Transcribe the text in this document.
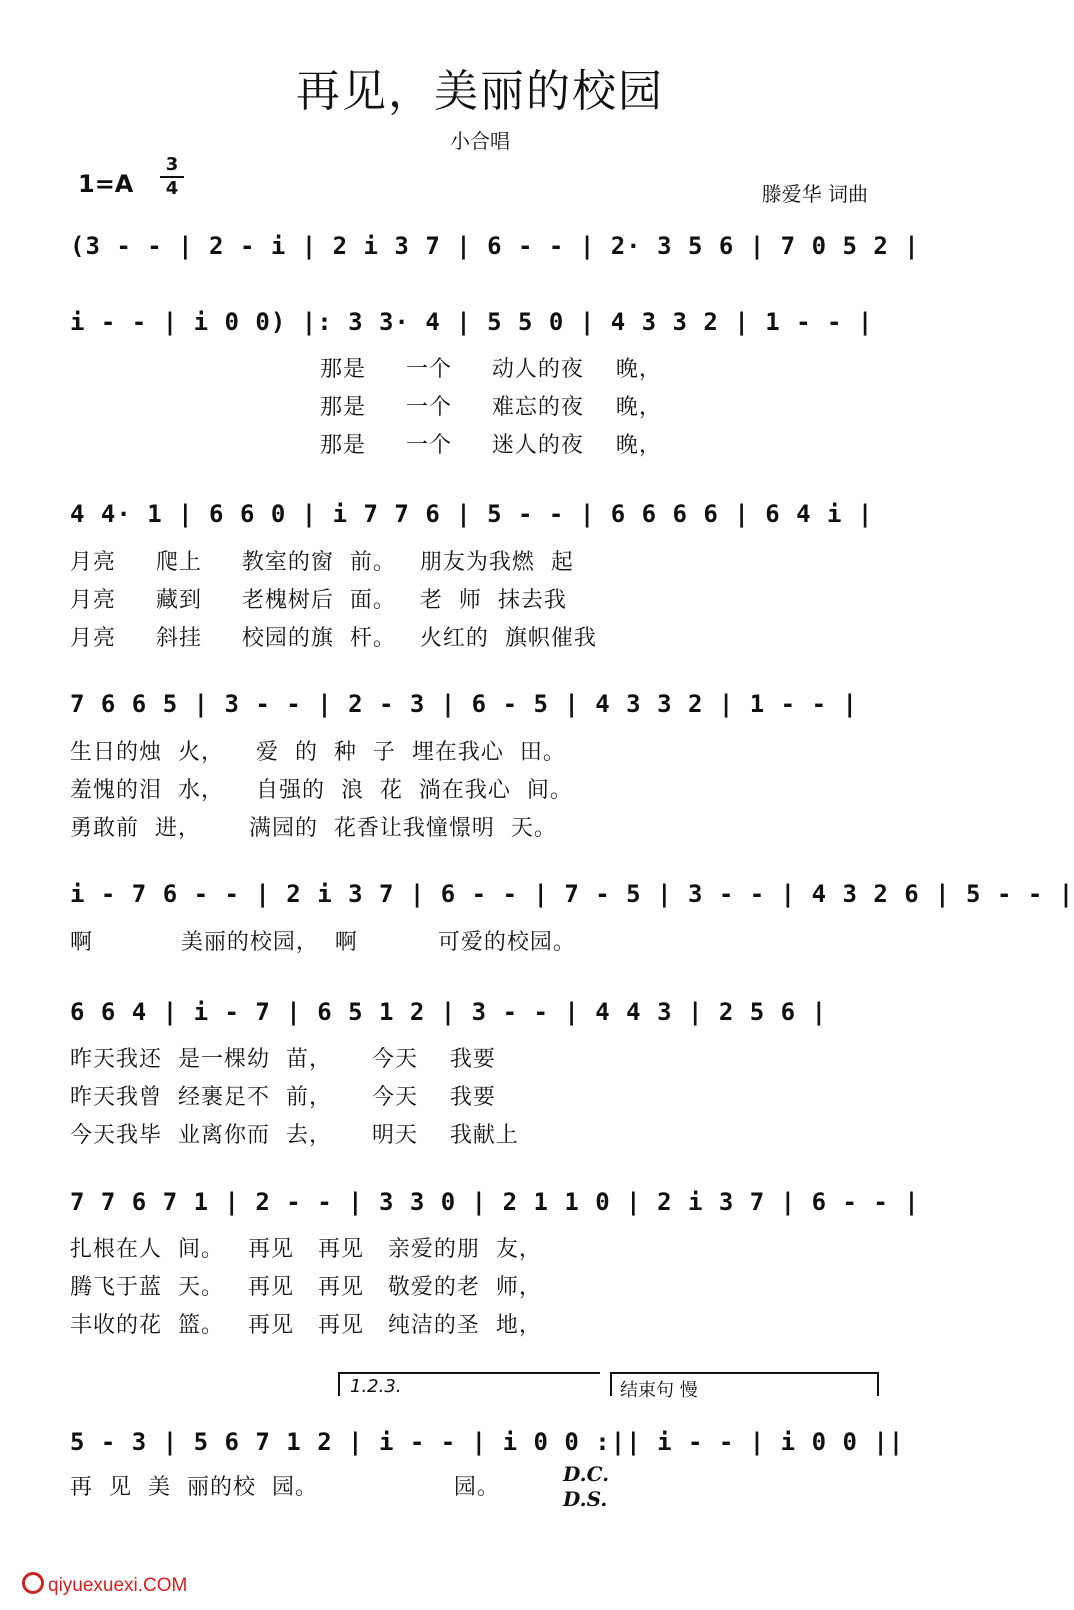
再见，美丽的校园
小合唱
1=A
3
4	滕爱华 词曲
(3 - - | 2 - i | 2 i 3 7 | 6 - - | 2· 3 5 6 | 7 0 5 2 |
i - - | i 0 0) |: 3 3· 4 | 5 5 0 | 4 3 3 2 | 1 - - |
那是     一个     动人的夜    晚，
那是     一个     难忘的夜    晚，
那是     一个     迷人的夜    晚，
4 4· 1 | 6 6 0 | i 7 7 6 | 5 - - | 6 6 6 6 | 6 4 i |
月亮     爬上     教室的窗  前。   朋友为我燃  起
月亮     藏到     老槐树后  面。   老  师  抹去我
月亮     斜挂     校园的旗  杆。   火红的  旗帜催我
7 6 6 5 | 3 - - | 2 - 3 | 6 - 5 | 4 3 3 2 | 1 - - |
生日的烛  火，    爱  的  种  子  埋在我心  田。
羞愧的泪  水，    自强的  浪  花  淌在我心  间。
勇敢前  进，      满园的  花香让我憧憬明  天。
i - 7 6 - - | 2 i 3 7 | 6 - - | 7 - 5 | 3 - - | 4 3 2 6 | 5 - - |
啊           美丽的校园，  啊          可爱的校园。
6 6 4 | i - 7 | 6 5 1 2 | 3 - - | 4 4 3 | 2 5 6 |
昨天我还  是一棵幼  苗，     今天    我要
昨天我曾  经裹足不  前，     今天    我要
今天我毕  业离你而  去，     明天    我献上
7 7 6 7 1 | 2 - - | 3 3 0 | 2 1 1 0 | 2 i 3 7 | 6 - - |
扎根在人  间。   再见   再见   亲爱的朋  友，
腾飞于蓝  天。   再见   再见   敬爱的老  师，
丰收的花  篮。   再见   再见   纯洁的圣  地，
1.2.3.	结束句 慢
5 - 3 | 5 6 7 1 2 | i - - | i 0 0 :|| i - - | i 0 0 ||
再  见  美  丽的校  园。                 园。
D.C.
D.S.
qiyuexuexi.COM
